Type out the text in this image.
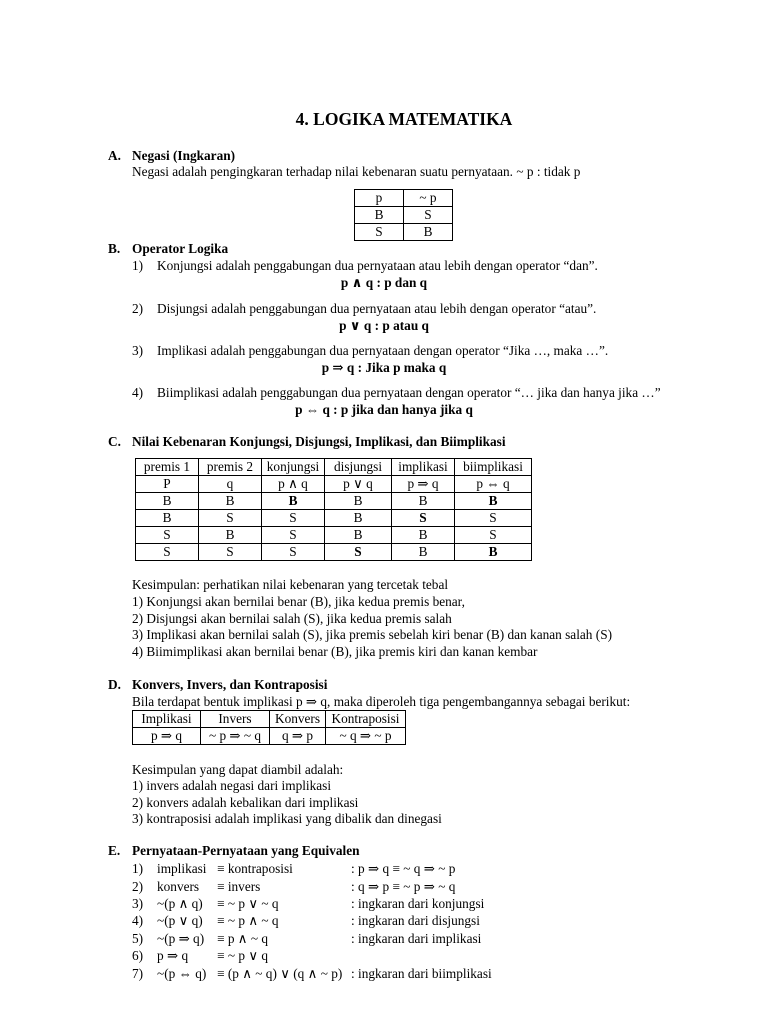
4. LOGIKA MATEMATIKA
A. Negasi (Ingkaran)
Negasi adalah pengingkaran terhadap nilai kebenaran suatu pernyataan. ~ p : tidak p
p	~ p
B	S
S	B
B. Operator Logika
1)	Konjungsi adalah penggabungan dua pernyataan atau lebih dengan operator “dan”.
p ∧ q : p dan q
2)	Disjungsi adalah penggabungan dua pernyataan atau lebih dengan operator “atau”.
p ∨ q : p atau q
3)	Implikasi adalah penggabungan dua pernyataan dengan operator “Jika …, maka …”.
p ⇒ q : Jika p maka q
4)	Biimplikasi adalah penggabungan dua pernyataan dengan operator “… jika dan hanya jika …”
p ⇔ q : p jika dan hanya jika q
C. Nilai Kebenaran Konjungsi, Disjungsi, Implikasi, dan Biimplikasi
premis 1	premis 2	konjungsi	disjungsi	implikasi	biimplikasi
P	q	p ∧ q	p ∨ q	p ⇒ q	p ⇔ q
B	B	B	B	B	B
B	S	S	B	S	S
S	B	S	B	B	S
S	S	S	S	B	B
Kesimpulan: perhatikan nilai kebenaran yang tercetak tebal
1) Konjungsi akan bernilai benar (B), jika kedua premis benar,
2) Disjungsi akan bernilai salah (S), jika kedua premis salah
3) Implikasi akan bernilai salah (S), jika premis sebelah kiri benar (B) dan kanan salah (S)
4) Biimimplikasi akan bernilai benar (B), jika premis kiri dan kanan kembar
D. Konvers, Invers, dan Kontraposisi
Bila terdapat bentuk implikasi p ⇒ q, maka diperoleh tiga pengembangannya sebagai berikut:
Implikasi	Invers	Konvers	Kontraposisi
p ⇒ q	~ p ⇒ ~ q	q ⇒ p	~ q ⇒ ~ p
Kesimpulan yang dapat diambil adalah:
1) invers adalah negasi dari implikasi
2) konvers adalah kebalikan dari implikasi
3) kontraposisi adalah implikasi yang dibalik dan dinegasi
E. Pernyataan-Pernyataan yang Equivalen
1)	implikasi ≡ kontraposisi	: p ⇒ q ≡ ~ q ⇒ ~ p
2)	konvers ≡ invers	: q ⇒ p ≡ ~ p ⇒ ~ q
3)	~(p ∧ q) ≡ ~ p ∨ ~ q	: ingkaran dari konjungsi
4)	~(p ∨ q) ≡ ~ p ∧ ~ q	: ingkaran dari disjungsi
5)	~(p ⇒ q) ≡ p ∧ ~ q	: ingkaran dari implikasi
6)	p ⇒ q ≡ ~ p ∨ q
7)	~(p ⇔ q) ≡ (p ∧ ~ q) ∨ (q ∧ ~ p) : ingkaran dari biimplikasi
